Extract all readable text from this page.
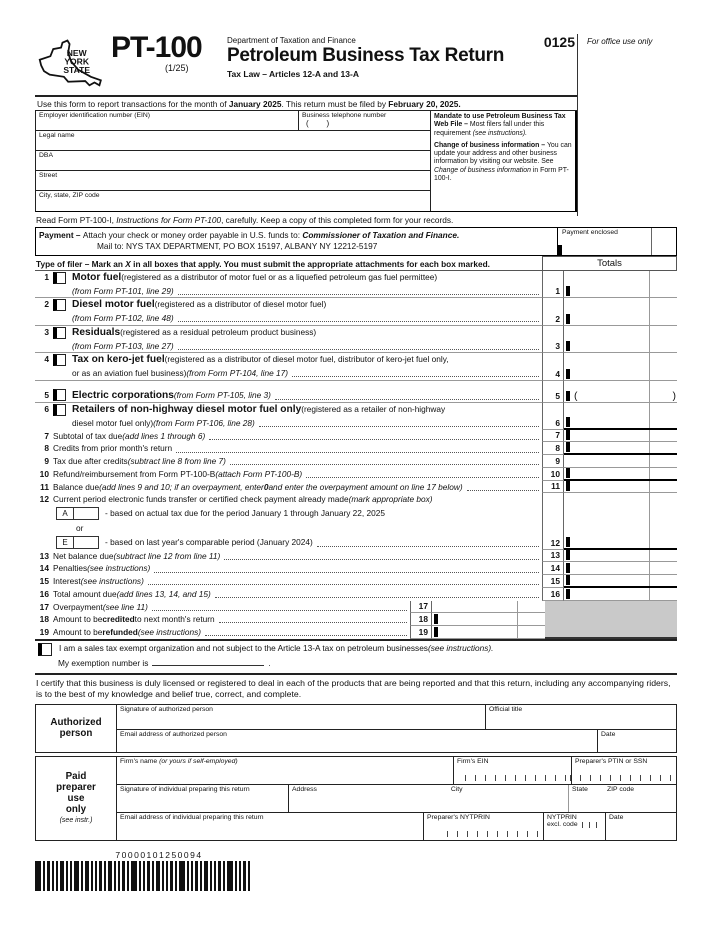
NEW
YORK
STATE
PT-100
(1/25)
Department of Taxation and Finance
Petroleum Business Tax Return
Tax Law – Articles 12-A and 13-A
0125 For office use only
Use this form to report transactions for the month of January 2025. This return must be filed by February 20, 2025.
Employer identification number (EIN)	Business telephone number
(        )
Legal name
DBA
Street
City, state, ZIP code

Mandate to use Petroleum Business Tax Web File – Most filers fall under this requirement (see instructions).

Change of business information – You can update your address and other business information by visiting our website. See Change of business information in Form PT-100-I.

Read Form PT-100-I, Instructions for Form PT-100, carefully. Keep a copy of this completed form for your records.
Payment – Attach your check or money order payable in U.S. funds to: Commissioner of Taxation and Finance.
Mail to: NYS TAX DEPARTMENT, PO BOX 15197, ALBANY NY 12212-5197
Payment enclosed
Type of filer – Mark an X in all boxes that apply. You must submit the appropriate attachments for each box marked.	Totals
1	Motor fuel (registered as a distributor of motor fuel or as a liquefied petroleum gas fuel permittee)
(from Form PT-101, line 29)	1
2	Diesel motor fuel (registered as a distributor of diesel motor fuel)
(from Form PT-102, line 48)	2
3	Residuals (registered as a residual petroleum product business)
(from Form PT-103, line 27)	3
4	Tax on kero-jet fuel (registered as a distributor of diesel motor fuel, distributor of kero-jet fuel only,
or as an aviation fuel business) (from Form PT-104, line 17)	4
5	Electric corporations (from Form PT-105, line 3)	5 (	)
6	Retailers of non-highway diesel motor fuel only (registered as a retailer of non-highway
diesel motor fuel only) (from Form PT-106, line 28)	6
7 Subtotal of tax due (add lines 1 through 6)	7
8 Credits from prior month's return	8
9 Tax due after credits (subtract line 8 from line 7)	9
10 Refund/reimbursement from Form PT-100-B (attach Form PT-100-B)	10
11 Balance due (add lines 9 and 10; if an overpayment, enter 0 and enter the overpayment amount on line 17 below)	11
12 Current period electronic funds transfer or certified check payment already made (mark appropriate box)
A	- based on actual tax due for the period January 1 through January 22, 2025
or
E	- based on last year's comparable period (January 2024)	12
13 Net balance due (subtract line 12 from line 11)	13
14 Penalties (see instructions)	14
15 Interest (see instructions)	15
16 Total amount due (add lines 13, 14, and 15)	16
17 Overpayment (see line 11)	17
18 Amount to be credited to next month's return	18
19 Amount to be refunded (see instructions)	19
I am a sales tax exempt organization and not subject to the Article 13-A tax on petroleum businesses (see instructions).
My exemption number is	.
I certify that this business is duly licensed or registered to deal in each of the products that are being reported and that this return, including any accompanying riders, is to the best of my knowledge and belief true, correct, and complete.
Authorized
person
Signature of authorized person	Official title
Email address of authorized person	Date
Paid
preparer
use
only
(see instr.)
Firm's name (or yours if self-employed)	Firm's EIN	Preparer's PTIN or SSN
Signature of individual preparing this return	Address	City	State	ZIP code
Email address of individual preparing this return	Preparer's NYTPRIN	NYTPRIN
excl. code
Date
70000101250094
